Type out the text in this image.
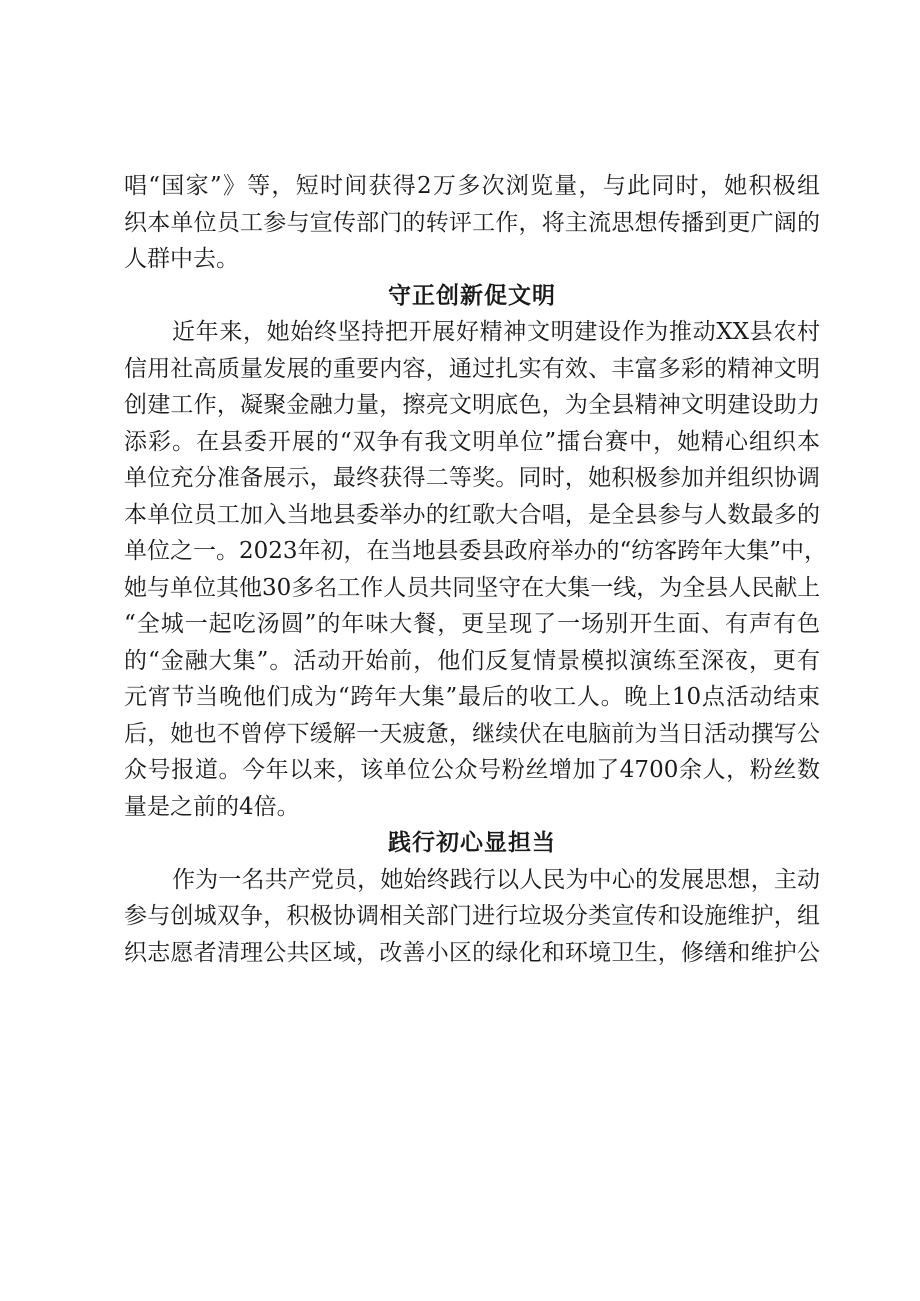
唱“国家”》等，短时间获得2万多次浏览量，与此同时，她积极组
织本单位员工参与宣传部门的转评工作，将主流思想传播到更广阔的
人群中去。
守正创新促文明
近年来，她始终坚持把开展好精神文明建设作为推动XX县农村
信用社高质量发展的重要内容，通过扎实有效、丰富多彩的精神文明
创建工作，凝聚金融力量，擦亮文明底色，为全县精神文明建设助力
添彩。在县委开展的“双争有我文明单位”擂台赛中，她精心组织本
单位充分准备展示，最终获得二等奖。同时，她积极参加并组织协调
本单位员工加入当地县委举办的红歌大合唱，是全县参与人数最多的
单位之一。2023年初，在当地县委县政府举办的“纺客跨年大集”中，
她与单位其他30多名工作人员共同坚守在大集一线，为全县人民献上
“全城一起吃汤圆”的年味大餐，更呈现了一场别开生面、有声有色
的“金融大集”。活动开始前，他们反复情景模拟演练至深夜，更有
元宵节当晚他们成为“跨年大集”最后的收工人。晚上10点活动结束
后，她也不曾停下缓解一天疲惫，继续伏在电脑前为当日活动撰写公
众号报道。今年以来，该单位公众号粉丝增加了4700余人，粉丝数
量是之前的4倍。
践行初心显担当
作为一名共产党员，她始终践行以人民为中心的发展思想，主动
参与创城双争，积极协调相关部门进行垃圾分类宣传和设施维护，组
织志愿者清理公共区域，改善小区的绿化和环境卫生，修缮和维护公
